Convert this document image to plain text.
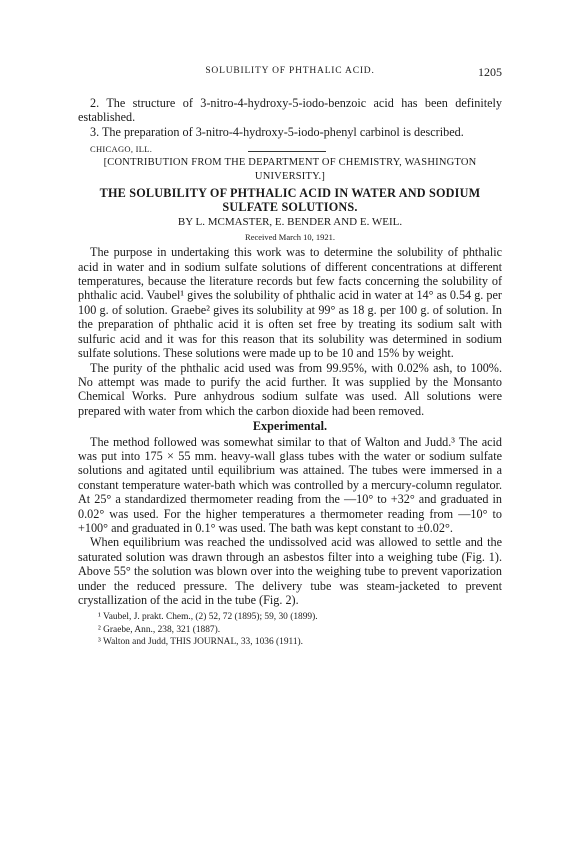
SOLUBILITY OF PHTHALIC ACID.	1205

2. The structure of 3-nitro-4-hydroxy-5-iodo-benzoic acid has been definitely established.

3. The preparation of 3-nitro-4-hydroxy-5-iodo-phenyl carbinol is described.

CHICAGO, ILL.
[CONTRIBUTION FROM THE DEPARTMENT OF CHEMISTRY, WASHINGTON UNIVERSITY.]
THE SOLUBILITY OF PHTHALIC ACID IN WATER AND SODIUM SULFATE SOLUTIONS.
BY L. MCMASTER, E. BENDER AND E. WEIL.
Received March 10, 1921.

The purpose in undertaking this work was to determine the solubility of phthalic acid in water and in sodium sulfate solutions of different concentrations at different temperatures, because the literature records but few facts concerning the solubility of phthalic acid. Vaubel¹ gives the solubility of phthalic acid in water at 14° as 0.54 g. per 100 g. of solution. Graebe² gives its solubility at 99° as 18 g. per 100 g. of solution. In the preparation of phthalic acid it is often set free by treating its sodium salt with sulfuric acid and it was for this reason that its solubility was determined in sodium sulfate solutions. These solutions were made up to be 10 and 15% by weight.

The purity of the phthalic acid used was from 99.95%, with 0.02% ash, to 100%. No attempt was made to purify the acid further. It was supplied by the Monsanto Chemical Works. Pure anhydrous sodium sulfate was used. All solutions were prepared with water from which the carbon dioxide had been removed.

Experimental.

The method followed was somewhat similar to that of Walton and Judd.³ The acid was put into 175 × 55 mm. heavy-wall glass tubes with the water or sodium sulfate solutions and agitated until equilibrium was attained. The tubes were immersed in a constant temperature water-bath which was controlled by a mercury-column regulator. At 25° a standardized thermometer reading from the —10° to +32° and graduated in 0.02° was used. For the higher temperatures a thermometer reading from —10° to +100° and graduated in 0.1° was used. The bath was kept constant to ±0.02°.

When equilibrium was reached the undissolved acid was allowed to settle and the saturated solution was drawn through an asbestos filter into a weighing tube (Fig. 1). Above 55° the solution was blown over into the weighing tube to prevent vaporization under the reduced pressure. The delivery tube was steam-jacketed to prevent crystallization of the acid in the tube (Fig. 2).

¹ Vaubel, J. prakt. Chem., (2) 52, 72 (1895); 59, 30 (1899).
² Graebe, Ann., 238, 321 (1887).
³ Walton and Judd, THIS JOURNAL, 33, 1036 (1911).
